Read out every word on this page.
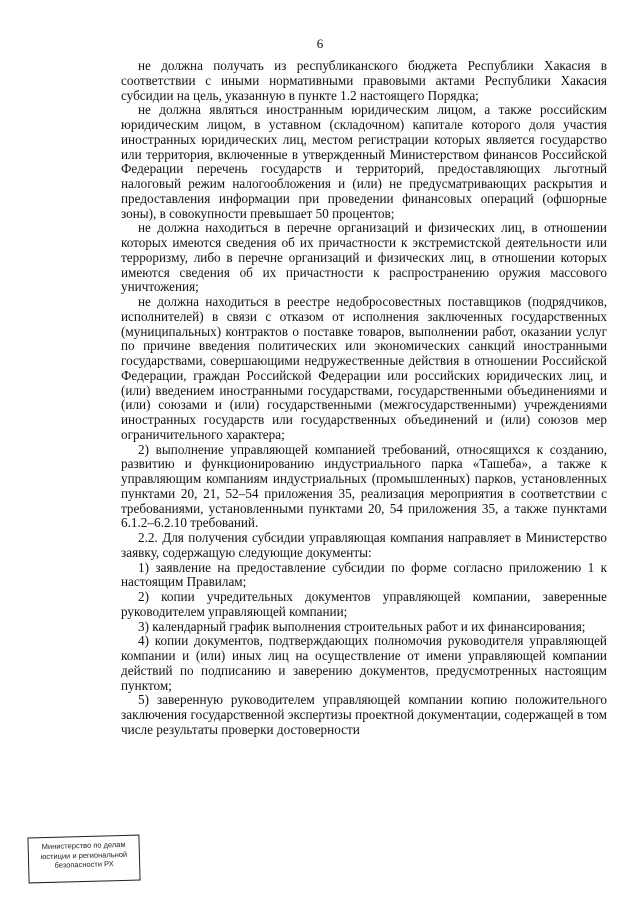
6

не должна получать из республиканского бюджета Республики Хакасия в соответствии с иными нормативными правовыми актами Республики Хакасия субсидии на цель, указанную в пункте 1.2 настоящего Порядка;

не должна являться иностранным юридическим лицом, а также российским юридическим лицом, в уставном (складочном) капитале которого доля участия иностранных юридических лиц, местом регистрации которых является государство или территория, включенные в утвержденный Министерством финансов Российской Федерации перечень государств и территорий, предоставляющих льготный налоговый режим налогообложения и (или) не предусматривающих раскрытия и предоставления информации при проведении финансовых операций (офшорные зоны), в совокупности превышает 50 процентов;

не должна находиться в перечне организаций и физических лиц, в отношении которых имеются сведения об их причастности к экстремистской деятельности или терроризму, либо в перечне организаций и физических лиц, в отношении которых имеются сведения об их причастности к распространению оружия массового уничтожения;

не должна находиться в реестре недобросовестных поставщиков (подрядчиков, исполнителей) в связи с отказом от исполнения заключенных государственных (муниципальных) контрактов о поставке товаров, выполнении работ, оказании услуг по причине введения политических или экономических санкций иностранными государствами, совершающими недружественные действия в отношении Российской Федерации, граждан Российской Федерации или российских юридических лиц, и (или) введением иностранными государствами, государственными объединениями и (или) союзами и (или) государственными (межгосударственными) учреждениями иностранных государств или государственных объединений и (или) союзов мер ограничительного характера;

2) выполнение управляющей компанией требований, относящихся к созданию, развитию и функционированию индустриального парка «Ташеба», а также к управляющим компаниям индустриальных (промышленных) парков, установленных пунктами 20, 21, 52–54 приложения 35, реализация мероприятия в соответствии с требованиями, установленными пунктами 20, 54 приложения 35, а также пунктами 6.1.2–6.2.10 требований.

2.2. Для получения субсидии управляющая компания направляет в Министерство заявку, содержащую следующие документы:

1) заявление на предоставление субсидии по форме согласно приложению 1 к настоящим Правилам;

2) копии учредительных документов управляющей компании, заверенные руководителем управляющей компании;

3) календарный график выполнения строительных работ и их финансирования;

4) копии документов, подтверждающих полномочия руководителя управляющей компании и (или) иных лиц на осуществление от имени управляющей компании действий по подписанию и заверению документов, предусмотренных настоящим пунктом;

5) заверенную руководителем управляющей компании копию положительного заключения государственной экспертизы проектной документации, содержащей в том числе результаты проверки достоверности

Министерство по делам
юстиции и региональной
безопасности РХ
